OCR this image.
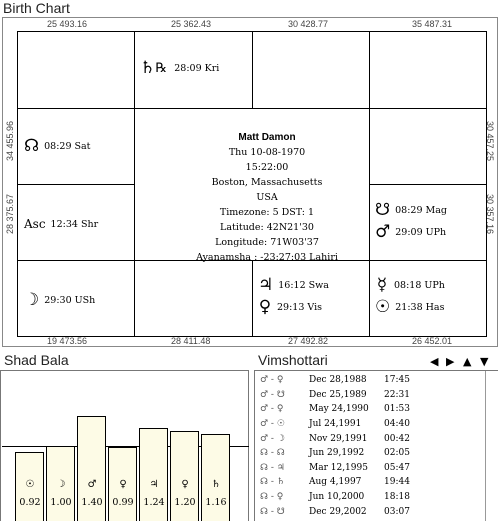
Birth Chart
25 493.16	25 362.43	30 428.77	35 487.31
19 473.56	28 411.48	27 492.82	26 452.01
34 455.96
28 375.67
30 457.25
30 357.16
♄ ℞ 28:09 Kri
☊ 08:29 Sat
Asc 12:34 Shr
☋ 08:29 Mag
♂ 29:09 UPh
☽ 29:30 USh
♃ 16:12 Swa
♀ 29:13 Vis
☿ 08:18 UPh
☉ 21:38 Has
Matt Damon
Thu 10-08-1970
15:22:00
Boston, Massachusetts
USA
Timezone: 5 DST: 1
Latitude: 42N21'30
Longitude: 71W03'37
Ayanamsha : -23:27:03 Lahiri
Shad Bala
☉
0.92
☽
1.00
♂
1.40
♀
0.99
♃
1.24
♀
1.20
♄
1.16
Vimshottari	◀ ▶ ▲ ▼
♂ - ♀	Dec 28,1988	17:45
♂ - ☋	Dec 25,1989	22:31
♂ - ♀	May 24,1990	01:53
♂ - ☉	Jul 24,1991	04:40
♂ - ☽	Nov 29,1991	00:42
☊ - ☊	Jun 29,1992	02:05
☊ - ♃	Mar 12,1995	05:47
☊ - ♄	Aug 4,1997	19:44
☊ - ♀	Jun 10,2000	18:18
☊ - ☋	Dec 29,2002	03:07
